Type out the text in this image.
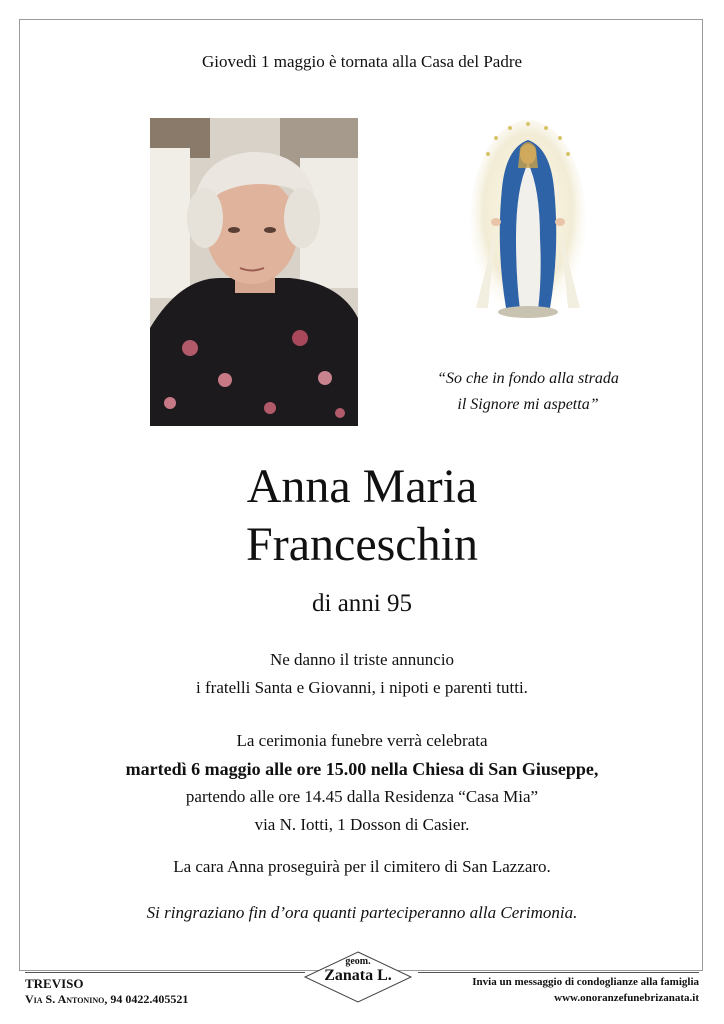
Giovedì 1 maggio è tornata alla Casa del Padre
“So che in fondo alla strada
il Signore mi aspetta”
Anna Maria
Franceschin
di anni 95
Ne danno il triste annuncio
i fratelli Santa e Giovanni, i nipoti e parenti tutti.
La cerimonia funebre verrà celebrata
martedì 6 maggio alle ore 15.00 nella Chiesa di San Giuseppe,
partendo alle ore 14.45 dalla Residenza “Casa Mia”
via N. Iotti, 1 Dosson di Casier.
La cara Anna proseguirà per il cimitero di San Lazzaro.
Si ringraziano fin d’ora quanti parteciperanno alla Cerimonia.
TREVISO
Via S. Antonino, 94 0422.405521
geom.
Zanata L.	Invia un messaggio di condoglianze alla famiglia
www.onoranzefunebrizanata.it
